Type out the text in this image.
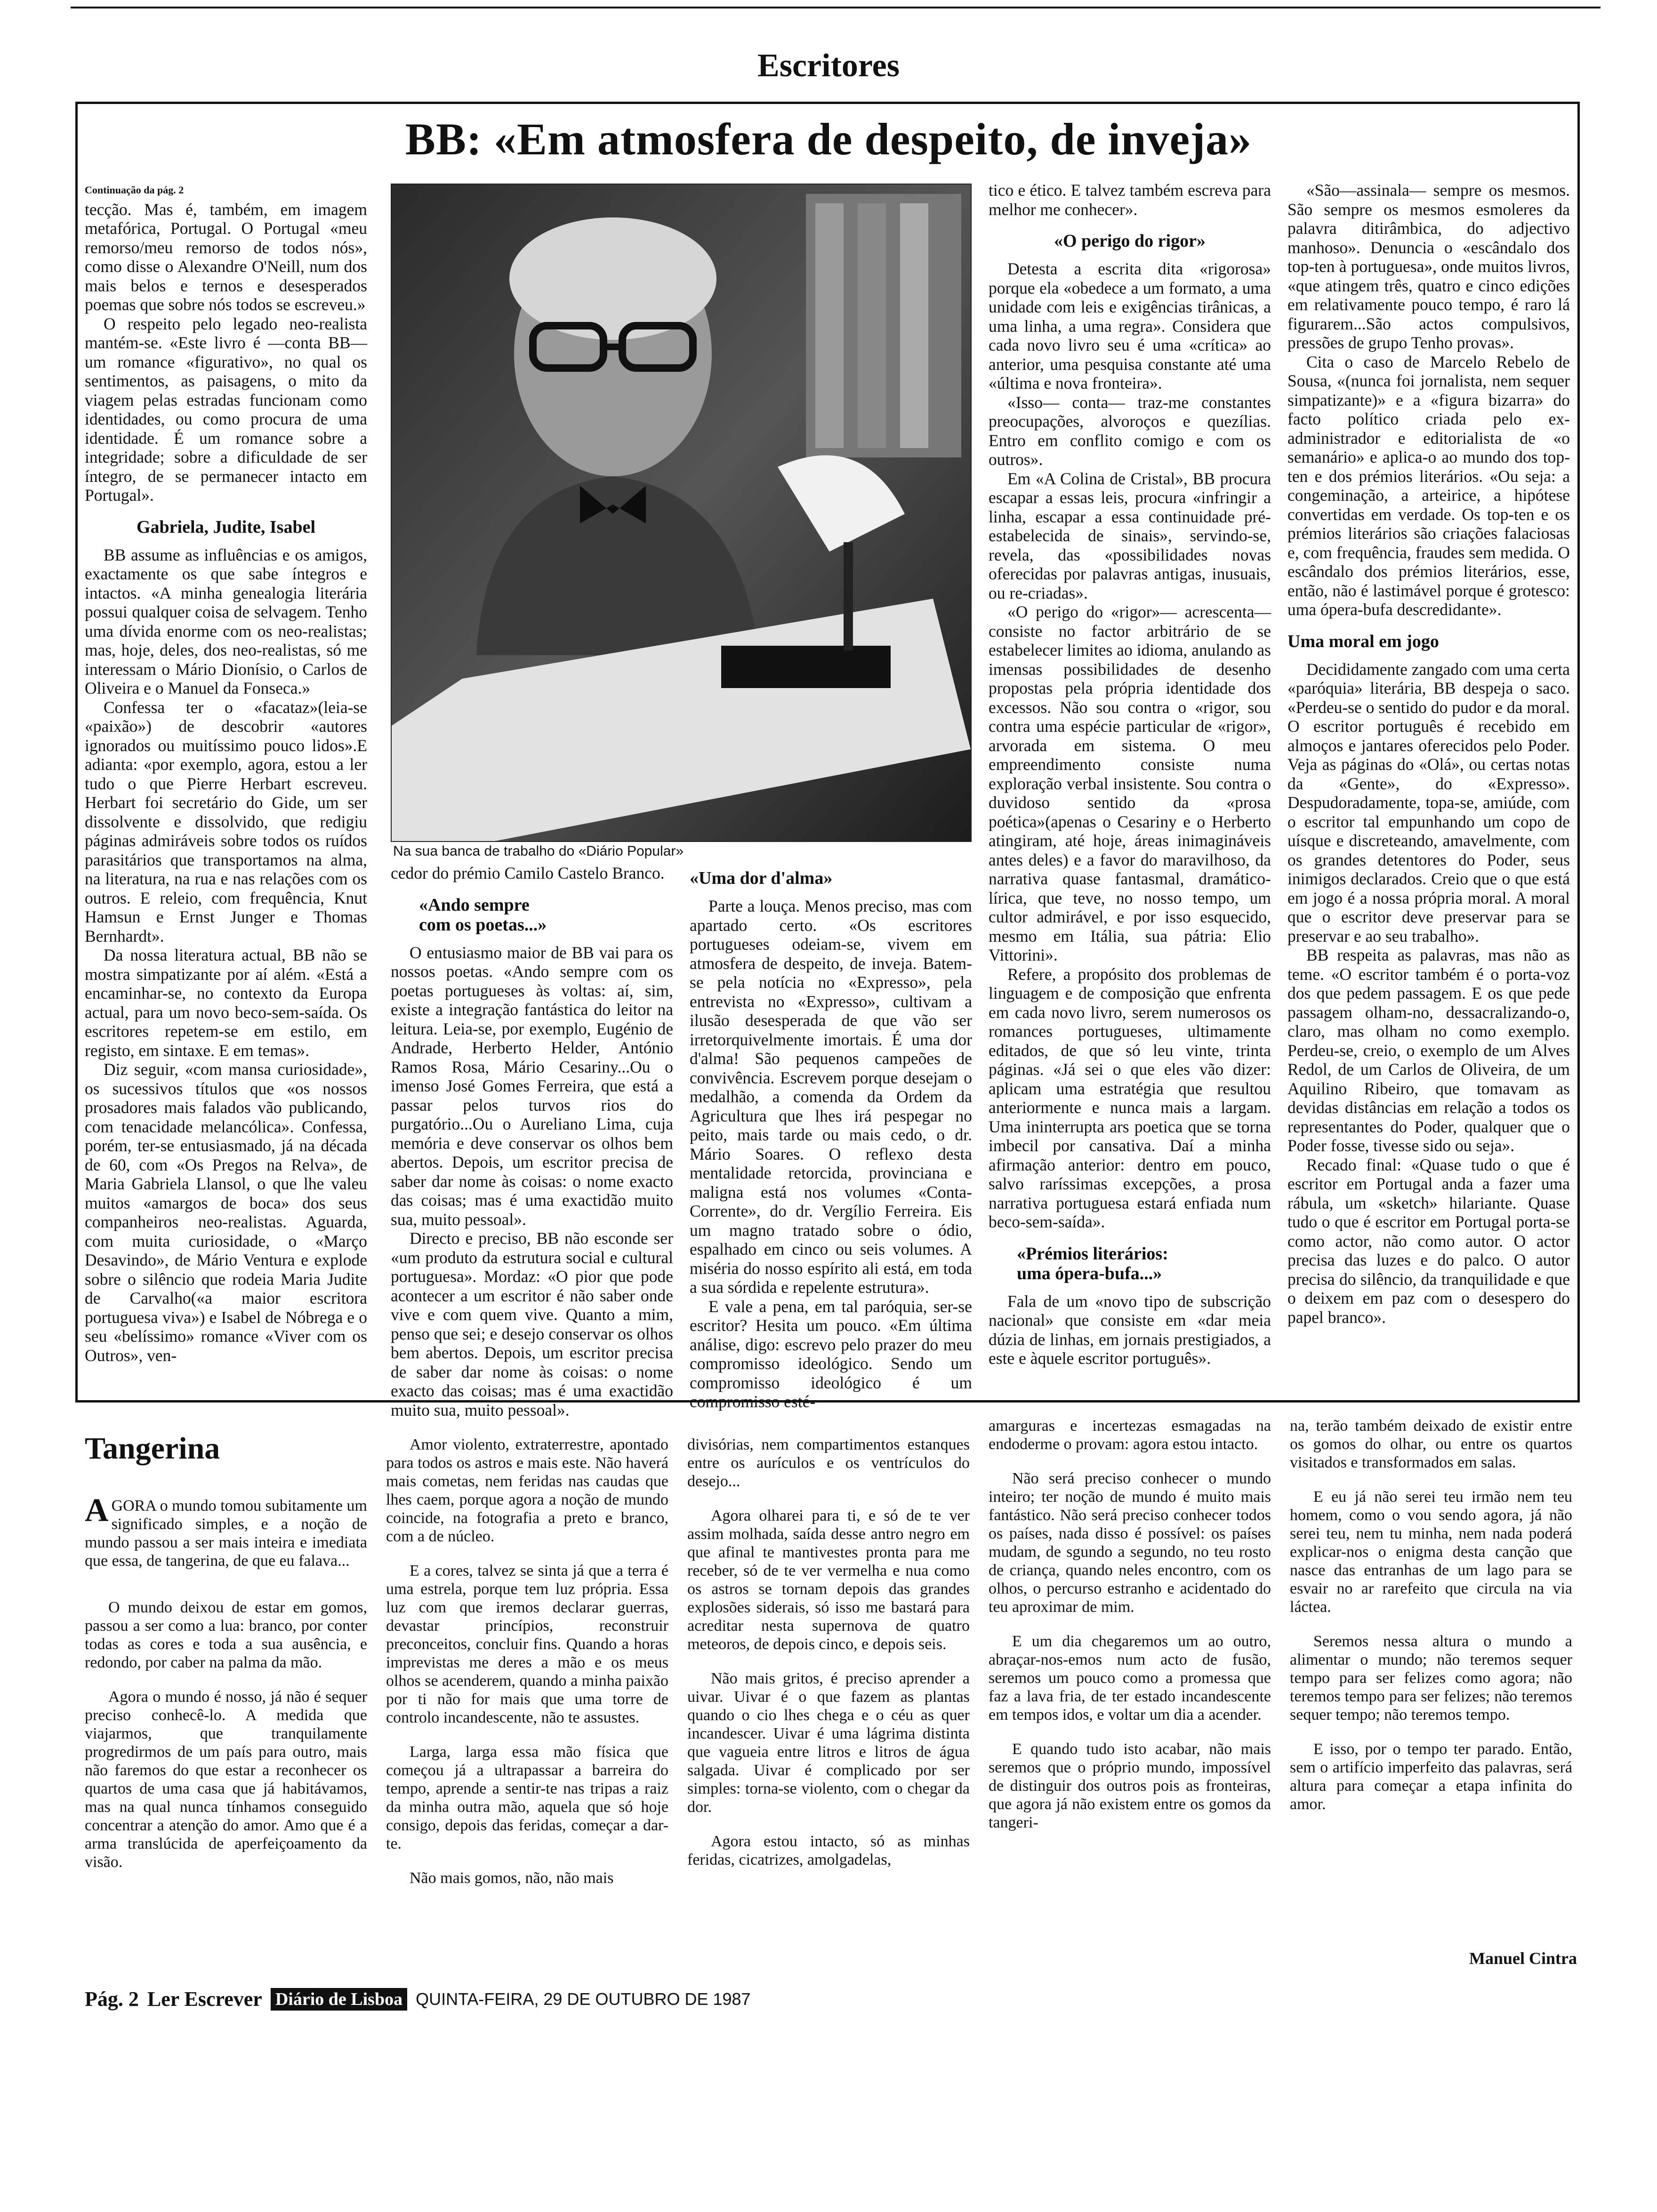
Escritores
BB: «Em atmosfera de despeito, de inveja»

Continuação da pág. 2

tecção. Mas é, também, em imagem metafórica, Portugal. O Portugal «meu remorso/meu remorso de todos nós», como disse o Alexandre O'Neill, num dos mais belos e ternos e desesperados poemas que sobre nós todos se escreveu.»

O respeito pelo legado neo-realista mantém-se. «Este livro é —conta BB— um romance «figurativo», no qual os sentimentos, as paisagens, o mito da viagem pelas estradas funcionam como identidades, ou como procura de uma identidade. É um romance sobre a integridade; sobre a dificuldade de ser íntegro, de se permanecer intacto em Portugal».

Gabriela, Judite, Isabel

BB assume as influências e os amigos, exactamente os que sabe íntegros e intactos. «A minha genealogia literária possui qualquer coisa de selvagem. Tenho uma dívida enorme com os neo-realistas; mas, hoje, deles, dos neo-realistas, só me interessam o Mário Dionísio, o Carlos de Oliveira e o Manuel da Fonseca.»

Confessa ter o «facataz»(leia-se «paixão») de descobrir «autores ignorados ou muitíssimo pouco lidos».E adianta: «por exemplo, agora, estou a ler tudo o que Pierre Herbart escreveu. Herbart foi secretário do Gide, um ser dissolvente e dissolvido, que redigiu páginas admiráveis sobre todos os ruídos parasitários que transportamos na alma, na literatura, na rua e nas relações com os outros. E releio, com frequência, Knut Hamsun e Ernst Junger e Thomas Bernhardt».

Da nossa literatura actual, BB não se mostra simpatizante por aí além. «Está a encaminhar-se, no contexto da Europa actual, para um novo beco-sem-saída. Os escritores repetem-se em estilo, em registo, em sintaxe. E em temas».

Diz seguir, «com mansa curiosidade», os sucessivos títulos que «os nossos prosadores mais falados vão publicando, com tenacidade melancólica». Confessa, porém, ter-se entusiasmado, já na década de 60, com «Os Pregos na Relva», de Maria Gabriela Llansol, o que lhe valeu muitos «amargos de boca» dos seus companheiros neo-realistas. Aguarda, com muita curiosidade, o «Março Desavindo», de Mário Ventura e explode sobre o silêncio que rodeia Maria Judite de Carvalho(«a maior escritora portuguesa viva») e Isabel de Nóbrega e o seu «belíssimo» romance «Viver com os Outros», ven-

Na sua banca de trabalho do «Diário Popular»

cedor do prémio Camilo Castelo Branco.

«Ando sempre
com os poetas...»

O entusiasmo maior de BB vai para os nossos poetas. «Ando sempre com os poetas portugueses às voltas: aí, sim, existe a integração fantástica do leitor na leitura. Leia-se, por exemplo, Eugénio de Andrade, Herberto Helder, António Ramos Rosa, Mário Cesariny...Ou o imenso José Gomes Ferreira, que está a passar pelos turvos rios do purgatório...Ou o Aureliano Lima, cuja memória e deve conservar os olhos bem abertos. Depois, um escritor precisa de saber dar nome às coisas: o nome exacto das coisas; mas é uma exactidão muito sua, muito pessoal».

Directo e preciso, BB não esconde ser «um produto da estrutura social e cultural portuguesa». Mordaz: «O pior que pode acontecer a um escritor é não saber onde vive e com quem vive. Quanto a mim, penso que sei; e desejo conservar os olhos bem abertos. Depois, um escritor precisa de saber dar nome às coisas: o nome exacto das coisas; mas é uma exactidão muito sua, muito pessoal».

«Uma dor d'alma»

Parte a louça. Menos preciso, mas com apartado certo. «Os escritores portugueses odeiam-se, vivem em atmosfera de despeito, de inveja. Batem-se pela notícia no «Expresso», pela entrevista no «Expresso», cultivam a ilusão desesperada de que vão ser irretorquivelmente imortais. É uma dor d'alma! São pequenos campeões de convivência. Escrevem porque desejam o medalhão, a comenda da Ordem da Agricultura que lhes irá pespegar no peito, mais tarde ou mais cedo, o dr. Mário Soares. O reflexo desta mentalidade retorcida, provinciana e maligna está nos volumes «Conta-Corrente», do dr. Vergílio Ferreira. Eis um magno tratado sobre o ódio, espalhado em cinco ou seis volumes. A miséria do nosso espírito ali está, em toda a sua sórdida e repelente estrutura».

E vale a pena, em tal paróquia, ser-se escritor? Hesita um pouco. «Em última análise, digo: escrevo pelo prazer do meu compromisso ideológico. Sendo um compromisso ideológico é um compromisso esté-

tico e ético. E talvez também escreva para melhor me conhecer».

«O perigo do rigor»

Detesta a escrita dita «rigorosa» porque ela «obedece a um formato, a uma unidade com leis e exigências tirânicas, a uma linha, a uma regra». Considera que cada novo livro seu é uma «crítica» ao anterior, uma pesquisa constante até uma «última e nova fronteira».

«Isso— conta— traz-me constantes preocupações, alvoroços e quezílias. Entro em conflito comigo e com os outros».

Em «A Colina de Cristal», BB procura escapar a essas leis, procura «infringir a linha, escapar a essa continuidade pré-estabelecida de sinais», servindo-se, revela, das «possibilidades novas oferecidas por palavras antigas, inusuais, ou re-criadas».

«O perigo do «rigor»— acrescenta— consiste no factor arbitrário de se estabelecer limites ao idioma, anulando as imensas possibilidades de desenho propostas pela própria identidade dos excessos. Não sou contra o «rigor, sou contra uma espécie particular de «rigor», arvorada em sistema. O meu empreendimento consiste numa exploração verbal insistente. Sou contra o duvidoso sentido da «prosa poética»(apenas o Cesariny e o Herberto atingiram, até hoje, áreas inimagináveis antes deles) e a favor do maravilhoso, da narrativa quase fantasmal, dramático-lírica, que teve, no nosso tempo, um cultor admirável, e por isso esquecido, mesmo em Itália, sua pátria: Elio Vittorini».

Refere, a propósito dos problemas de linguagem e de composição que enfrenta em cada novo livro, serem numerosos os romances portugueses, ultimamente editados, de que só leu vinte, trinta páginas. «Já sei o que eles vão dizer: aplicam uma estratégia que resultou anteriormente e nunca mais a largam. Uma ininterrupta ars poetica que se torna imbecil por cansativa. Daí a minha afirmação anterior: dentro em pouco, salvo raríssimas excepções, a prosa narrativa portuguesa estará enfiada num beco-sem-saída».

«Prémios literários:
uma ópera-bufa...»

Fala de um «novo tipo de subscrição nacional» que consiste em «dar meia dúzia de linhas, em jornais prestigiados, a este e àquele escritor português».

«São—assinala— sempre os mesmos. São sempre os mesmos esmoleres da palavra ditirâmbica, do adjectivo manhoso». Denuncia o «escândalo dos top-ten à portuguesa», onde muitos livros, «que atingem três, quatro e cinco edições em relativamente pouco tempo, é raro lá figurarem...São actos compulsivos, pressões de grupo Tenho provas».

Cita o caso de Marcelo Rebelo de Sousa, «(nunca foi jornalista, nem sequer simpatizante)» e a «figura bizarra» do facto político criada pelo ex-administrador e editorialista de «o semanário» e aplica-o ao mundo dos top-ten e dos prémios literários. «Ou seja: a congeminação, a arteirice, a hipótese convertidas em verdade. Os top-ten e os prémios literários são criações falaciosas e, com frequência, fraudes sem medida. O escândalo dos prémios literários, esse, então, não é lastimável porque é grotesco: uma ópera-bufa descredidante».

Uma moral em jogo

Decididamente zangado com uma certa «paróquia» literária, BB despeja o saco. «Perdeu-se o sentido do pudor e da moral. O escritor português é recebido em almoços e jantares oferecidos pelo Poder. Veja as páginas do «Olá», ou certas notas da «Gente», do «Expresso». Despudoradamente, topa-se, amiúde, com o escritor tal empunhando um copo de uísque e discreteando, amavelmente, com os grandes detentores do Poder, seus inimigos declarados. Creio que o que está em jogo é a nossa própria moral. A moral que o escritor deve preservar para se preservar e ao seu trabalho».

BB respeita as palavras, mas não as teme. «O escritor também é o porta-voz dos que pedem passagem. E os que pede passagem olham-no, dessacralizando-o, claro, mas olham no como exemplo. Perdeu-se, creio, o exemplo de um Alves Redol, de um Carlos de Oliveira, de um Aquilino Ribeiro, que tomavam as devidas distâncias em relação a todos os representantes do Poder, qualquer que o Poder fosse, tivesse sido ou seja».

Recado final: «Quase tudo o que é escritor em Portugal anda a fazer uma rábula, um «sketch» hilariante. Quase tudo o que é escritor em Portugal porta-se como actor, não como autor. O actor precisa das luzes e do palco. O autor precisa do silêncio, da tranquilidade e que o deixem em paz com o desespero do papel branco».

Tangerina

AGORA o mundo tomou subitamente um significado simples, e a noção de mundo passou a ser mais inteira e imediata que essa, de tangerina, de que eu falava...

O mundo deixou de estar em gomos, passou a ser como a lua: branco, por conter todas as cores e toda a sua ausência, e redondo, por caber na palma da mão.

Agora o mundo é nosso, já não é sequer preciso conhecê-lo. A medida que viajarmos, que tranquilamente progredirmos de um país para outro, mais não faremos do que estar a reconhecer os quartos de uma casa que já habitávamos, mas na qual nunca tínhamos conseguido concentrar a atenção do amor. Amo que é a arma translúcida de aperfeiçoamento da visão.

Amor violento, extraterrestre, apontado para todos os astros e mais este. Não haverá mais cometas, nem feridas nas caudas que lhes caem, porque agora a noção de mundo coincide, na fotografia a preto e branco, com a de núcleo.

E a cores, talvez se sinta já que a terra é uma estrela, porque tem luz própria. Essa luz com que iremos declarar guerras, devastar princípios, reconstruir preconceitos, concluir fins. Quando a horas imprevistas me deres a mão e os meus olhos se acenderem, quando a minha paixão por ti não for mais que uma torre de controlo incandescente, não te assustes.

Larga, larga essa mão física que começou já a ultrapassar a barreira do tempo, aprende a sentir-te nas tripas a raiz da minha outra mão, aquela que só hoje consigo, depois das feridas, começar a dar-te.

Não mais gomos, não, não mais

divisórias, nem compartimentos estanques entre os aurículos e os ventrículos do desejo...

Agora olharei para ti, e só de te ver assim molhada, saída desse antro negro em que afinal te mantivestes pronta para me receber, só de te ver vermelha e nua como os astros se tornam depois das grandes explosões siderais, só isso me bastará para acreditar nesta supernova de quatro meteoros, de depois cinco, e depois seis.

Não mais gritos, é preciso aprender a uivar. Uivar é o que fazem as plantas quando o cio lhes chega e o céu as quer incandescer. Uivar é uma lágrima distinta que vagueia entre litros e litros de água salgada. Uivar é complicado por ser simples: torna-se violento, com o chegar da dor.

Agora estou intacto, só as minhas feridas, cicatrizes, amolgadelas,

amarguras e incertezas esmagadas na endoderme o provam: agora estou intacto.

Não será preciso conhecer o mundo inteiro; ter noção de mundo é muito mais fantástico. Não será preciso conhecer todos os países, nada disso é possível: os países mudam, de sgundo a segundo, no teu rosto de criança, quando neles encontro, com os olhos, o percurso estranho e acidentado do teu aproximar de mim.

E um dia chegaremos um ao outro, abraçar-nos-emos num acto de fusão, seremos um pouco como a promessa que faz a lava fria, de ter estado incandescente em tempos idos, e voltar um dia a acender.

E quando tudo isto acabar, não mais seremos que o próprio mundo, impossível de distinguir dos outros pois as fronteiras, que agora já não existem entre os gomos da tangeri-

na, terão também deixado de existir entre os gomos do olhar, ou entre os quartos visitados e transformados em salas.

E eu já não serei teu irmão nem teu homem, como o vou sendo agora, já não serei teu, nem tu minha, nem nada poderá explicar-nos o enigma desta canção que nasce das entranhas de um lago para se esvair no ar rarefeito que circula na via láctea.

Seremos nessa altura o mundo a alimentar o mundo; não teremos sequer tempo para ser felizes como agora; não teremos tempo para ser felizes; não teremos sequer tempo; não teremos tempo.

E isso, por o tempo ter parado. Então, sem o artifício imperfeito das palavras, será altura para começar a etapa infinita do amor.

Manuel Cintra
Pág. 2 Ler Escrever Diário de Lisboa QUINTA-FEIRA, 29 DE OUTUBRO DE 1987
